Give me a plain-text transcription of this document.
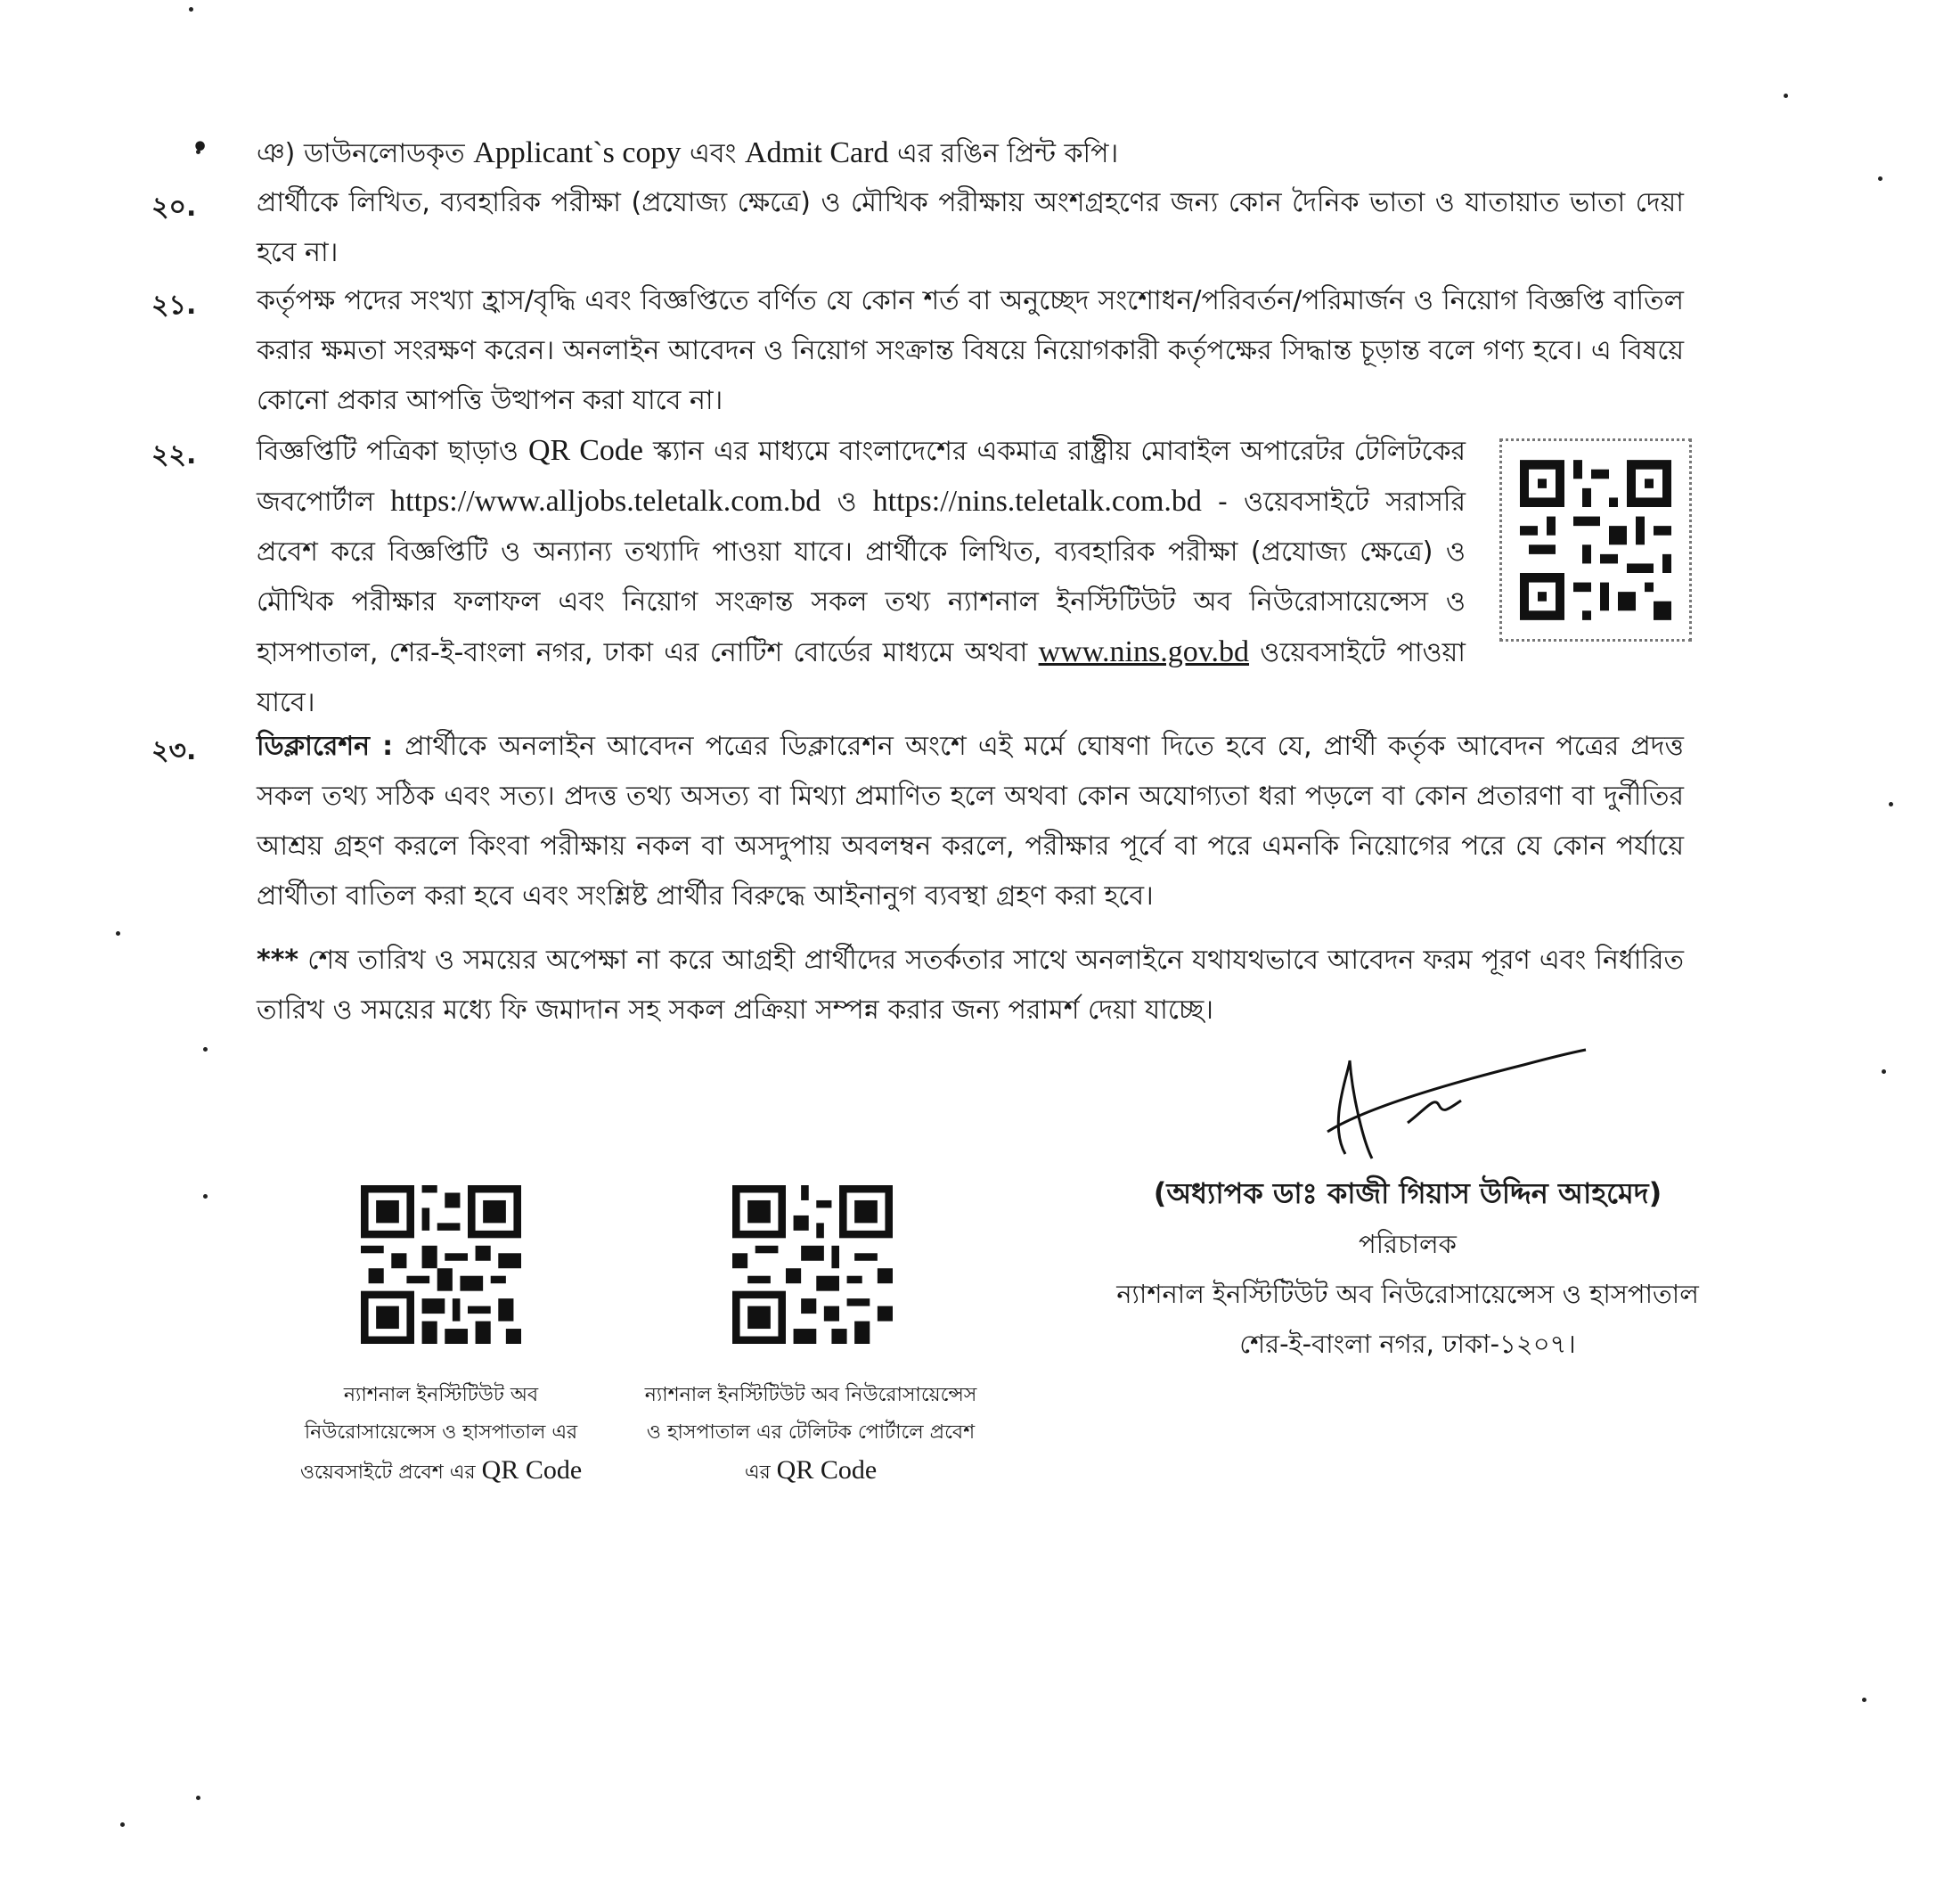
• ঞ) ডাউনলোডকৃত Applicant`s copy এবং Admit Card এর রঙিন প্রিন্ট কপি।
২০. প্রার্থীকে লিখিত, ব্যবহারিক পরীক্ষা (প্রযোজ্য ক্ষেত্রে) ও মৌখিক পরীক্ষায় অংশগ্রহণের জন্য কোন দৈনিক ভাতা ও যাতায়াত ভাতা দেয়া হবে না।
২১. কর্তৃপক্ষ পদের সংখ্যা হ্রাস/বৃদ্ধি এবং বিজ্ঞপ্তিতে বর্ণিত যে কোন শর্ত বা অনুচ্ছেদ সংশোধন/পরিবর্তন/পরিমার্জন ও নিয়োগ বিজ্ঞপ্তি বাতিল করার ক্ষমতা সংরক্ষণ করেন। অনলাইন আবেদন ও নিয়োগ সংক্রান্ত বিষয়ে নিয়োগকারী কর্তৃপক্ষের সিদ্ধান্ত চূড়ান্ত বলে গণ্য হবে। এ বিষয়ে কোনো প্রকার আপত্তি উত্থাপন করা যাবে না।
২২. বিজ্ঞপ্তিটি পত্রিকা ছাড়াও QR Code স্ক্যান এর মাধ্যমে বাংলাদেশের একমাত্র রাষ্ট্রীয় মোবাইল অপারেটর টেলিটকের জবপোর্টাল https://www.alljobs.teletalk.com.bd ও https://nins.teletalk.com.bd - ওয়েবসাইটে সরাসরি প্রবেশ করে বিজ্ঞপ্তিটি ও অন্যান্য তথ্যাদি পাওয়া যাবে। প্রার্থীকে লিখিত, ব্যবহারিক পরীক্ষা (প্রযোজ্য ক্ষেত্রে) ও মৌখিক পরীক্ষার ফলাফল এবং নিয়োগ সংক্রান্ত সকল তথ্য ন্যাশনাল ইনস্টিটিউট অব নিউরোসায়েন্সেস ও হাসপাতাল, শের-ই-বাংলা নগর, ঢাকা এর নোটিশ বোর্ডের মাধ্যমে অথবা www.nins.gov.bd ওয়েবসাইটে পাওয়া যাবে।
২৩. ডিক্লারেশন : প্রার্থীকে অনলাইন আবেদন পত্রের ডিক্লারেশন অংশে এই মর্মে ঘোষণা দিতে হবে যে, প্রার্থী কর্তৃক আবেদন পত্রের প্রদত্ত সকল তথ্য সঠিক এবং সত্য। প্রদত্ত তথ্য অসত্য বা মিথ্যা প্রমাণিত হলে অথবা কোন অযোগ্যতা ধরা পড়লে বা কোন প্রতারণা বা দুর্নীতির আশ্রয় গ্রহণ করলে কিংবা পরীক্ষায় নকল বা অসদুপায় অবলম্বন করলে, পরীক্ষার পূর্বে বা পরে এমনকি নিয়োগের পরে যে কোন পর্যায়ে প্রার্থীতা বাতিল করা হবে এবং সংশ্লিষ্ট প্রার্থীর বিরুদ্ধে আইনানুগ ব্যবস্থা গ্রহণ করা হবে।
*** শেষ তারিখ ও সময়ের অপেক্ষা না করে আগ্রহী প্রার্থীদের সতর্কতার সাথে অনলাইনে যথাযথভাবে আবেদন ফরম পূরণ এবং নির্ধারিত তারিখ ও সময়ের মধ্যে ফি জমাদান সহ সকল প্রক্রিয়া সম্পন্ন করার জন্য পরামর্শ দেয়া যাচ্ছে।
(অধ্যাপক ডাঃ কাজী গিয়াস উদ্দিন আহমেদ)
পরিচালক
ন্যাশনাল ইনস্টিটিউট অব নিউরোসায়েন্সেস ও হাসপাতাল
শের-ই-বাংলা নগর, ঢাকা-১২০৭।
ন্যাশনাল ইনস্টিটিউট অব
নিউরোসায়েন্সেস ও হাসপাতাল এর
ওয়েবসাইটে প্রবেশ এর QR Code
ন্যাশনাল ইনস্টিটিউট অব নিউরোসায়েন্সেস
ও হাসপাতাল এর টেলিটক পোর্টালে প্রবেশ
এর QR Code
